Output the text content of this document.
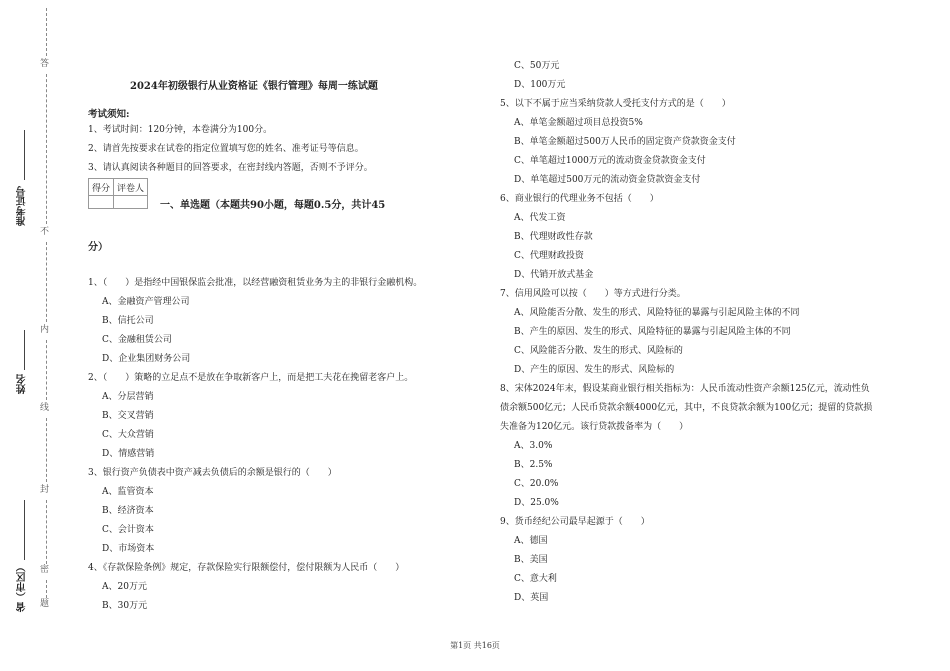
答
不
内
线
封
密
题
准考证号
姓名
省（市区）
2024年初级银行从业资格证《银行管理》每周一练试题
考试须知:
1、考试时间：120分钟，本卷满分为100分。
2、请首先按要求在试卷的指定位置填写您的姓名、准考证号等信息。
3、请认真阅读各种题目的回答要求，在密封线内答题，否则不予评分。
得分	评卷人

一、单选题（本题共90小题，每题0.5分，共计45
分）
1、（　　）是指经中国银保监会批准，以经营融资租赁业务为主的非银行金融机构。
A、金融资产管理公司
B、信托公司
C、金融租赁公司
D、企业集团财务公司
2、（　　）策略的立足点不是放在争取新客户上，而是把工夫花在挽留老客户上。
A、分层营销
B、交叉营销
C、大众营销
D、情感营销
3、银行资产负债表中资产减去负债后的余额是银行的（　　）
A、监管资本
B、经济资本
C、会计资本
D、市场资本
4、《存款保险条例》规定，存款保险实行限额偿付，偿付限额为人民币（　　）
A、20万元
B、30万元
C、50万元
D、100万元
5、以下不属于应当采纳贷款人受托支付方式的是（　　）
A、单笔金额超过项目总投资5%
B、单笔金额超过500万人民币的固定资产贷款资金支付
C、单笔超过1000万元的流动资金贷款资金支付
D、单笔超过500万元的流动资金贷款资金支付
6、商业银行的代理业务不包括（　　）
A、代发工资
B、代理财政性存款
C、代理财政投资
D、代销开放式基金
7、信用风险可以按（　　）等方式进行分类。
A、风险能否分散、发生的形式、风险特征的暴露与引起风险主体的不同
B、产生的原因、发生的形式、风险特征的暴露与引起风险主体的不同
C、风险能否分散、发生的形式、风险标的
D、产生的原因、发生的形式、风险标的
8、宋体2024年末，假设某商业银行相关指标为：人民币流动性资产余额125亿元，流动性负
债余额500亿元；人民币贷款余额4000亿元，其中，不良贷款余额为100亿元；提留的贷款损
失准备为120亿元。该行贷款拨备率为（　　）
A、3.0%
B、2.5%
C、20.0%
D、25.0%
9、货币经纪公司最早起源于（　　）
A、德国
B、美国
C、意大利
D、英国
第1页 共16页
